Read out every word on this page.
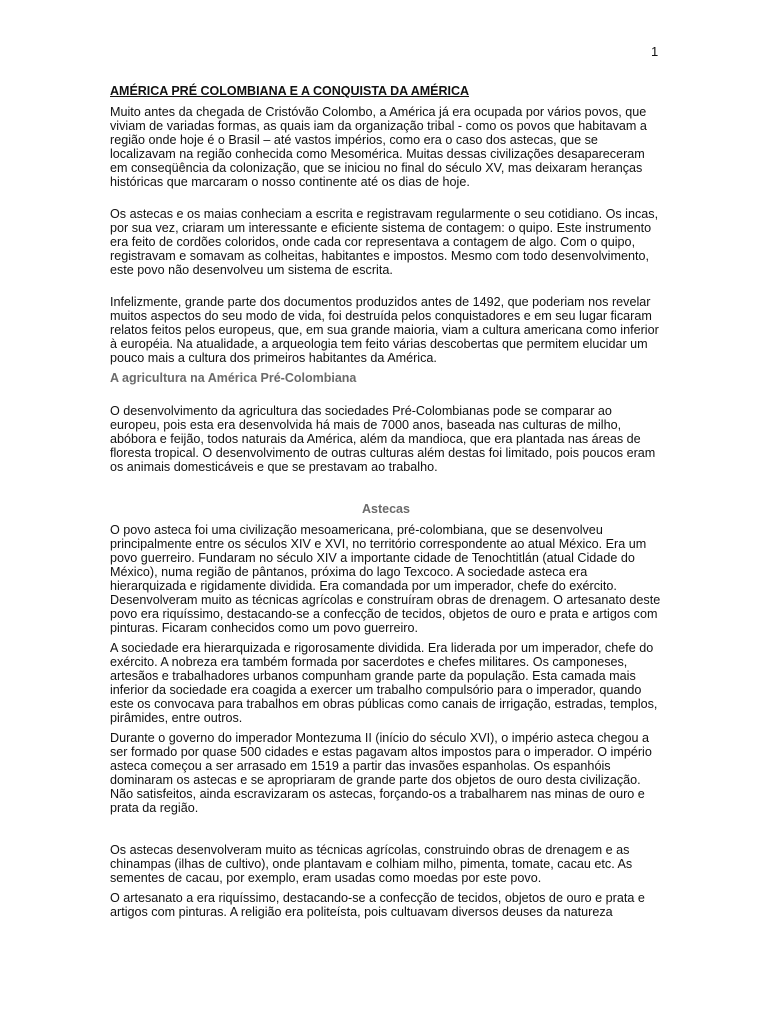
1
AMÉRICA PRÉ COLOMBIANA E A CONQUISTA DA AMÉRICA

Muito antes da chegada de Cristóvão Colombo, a América já era ocupada por vários povos, que viviam de variadas formas, as quais iam da organização tribal - como os povos que habitavam a região onde hoje é o Brasil – até vastos impérios, como era o caso dos astecas, que se localizavam na região conhecida como Mesomérica. Muitas dessas civilizações desapareceram em conseqüência da colonização, que se iniciou no final do século XV, mas deixaram heranças históricas que marcaram o nosso continente até os dias de hoje.

Os astecas e os maias conheciam a escrita e registravam regularmente o seu cotidiano. Os incas, por sua vez, criaram um interessante e eficiente sistema de contagem: o quipo. Este instrumento era feito de cordões coloridos, onde cada cor representava a contagem de algo. Com o quipo, registravam e somavam as colheitas, habitantes e impostos. Mesmo com todo desenvolvimento, este povo não desenvolveu um sistema de escrita.

Infelizmente, grande parte dos documentos produzidos antes de 1492, que poderiam nos revelar muitos aspectos do seu modo de vida, foi destruída pelos conquistadores e em seu lugar ficaram relatos feitos pelos europeus, que, em sua grande maioria, viam a cultura americana como inferior à européia. Na atualidade, a arqueologia tem feito várias descobertas que permitem elucidar um pouco mais a cultura dos primeiros habitantes da América.

A agricultura na América Pré-Colombiana

O desenvolvimento da agricultura das sociedades Pré-Colombianas pode se comparar ao europeu, pois esta era desenvolvida há mais de 7000 anos, baseada nas culturas de milho, abóbora e feijão, todos naturais da América, além da mandioca, que era plantada nas áreas de floresta tropical. O desenvolvimento de outras culturas além destas foi limitado, pois poucos eram os animais domesticáveis e que se prestavam ao trabalho.

Astecas

O povo asteca foi uma civilização mesoamericana, pré-colombiana, que se desenvolveu principalmente entre os séculos XIV e XVI, no território correspondente ao atual México. Era um povo guerreiro. Fundaram no século XIV a importante cidade de Tenochtitlán (atual Cidade do México), numa região de pântanos, próxima do lago Texcoco. A sociedade asteca era hierarquizada e rigidamente dividida. Era comandada por um imperador, chefe do exército. Desenvolveram muito as técnicas agrícolas e construíram obras de drenagem. O artesanato deste povo era riquíssimo, destacando-se a confecção de tecidos, objetos de ouro e prata e artigos com pinturas. Ficaram conhecidos como um povo guerreiro.

A sociedade era hierarquizada e rigorosamente dividida. Era liderada por um imperador, chefe do exército. A nobreza era também formada por sacerdotes e chefes militares. Os camponeses, artesãos e trabalhadores urbanos compunham grande parte da população. Esta camada mais inferior da sociedade era coagida a exercer um trabalho compulsório para o imperador, quando este os convocava para trabalhos em obras públicas como canais de irrigação, estradas, templos, pirâmides, entre outros.

Durante o governo do imperador Montezuma II (início do século XVI), o império asteca chegou a ser formado por quase 500 cidades e estas pagavam altos impostos para o imperador. O império asteca começou a ser arrasado em 1519 a partir das invasões espanholas. Os espanhóis dominaram os astecas e se apropriaram de grande parte dos objetos de ouro desta civilização. Não satisfeitos, ainda escravizaram os astecas, forçando-os a trabalharem nas minas de ouro e prata da região.

Os astecas desenvolveram muito as técnicas agrícolas, construindo obras de drenagem e as chinampas (ilhas de cultivo), onde plantavam e colhiam milho, pimenta, tomate, cacau etc. As sementes de cacau, por exemplo, eram usadas como moedas por este povo.

O artesanato a era riquíssimo, destacando-se a confecção de tecidos, objetos de ouro e prata e artigos com pinturas. A religião era politeísta, pois cultuavam diversos deuses da natureza
